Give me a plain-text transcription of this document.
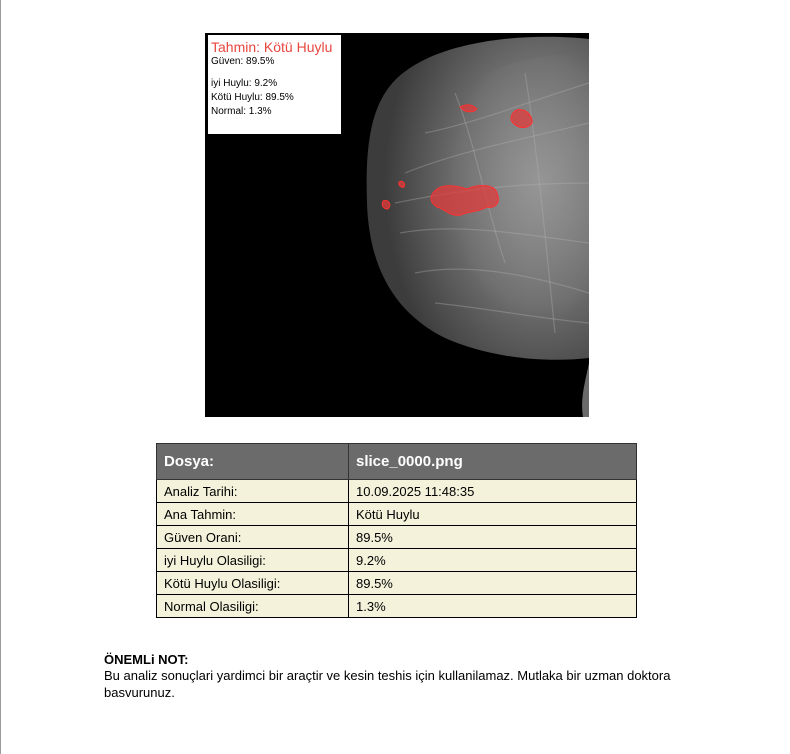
Tahmin: Kötü Huylu
Güven: 89.5%
iyi Huylu: 9.2%
Kötü Huylu: 89.5%
Normal: 1.3%
Dosya:	slice_0000.png
Analiz Tarihi:	10.09.2025 11:48:35
Ana Tahmin:	Kötü Huylu
Güven Orani:	89.5%
iyi Huylu Olasiligi:	9.2%
Kötü Huylu Olasiligi:	89.5%
Normal Olasiligi:	1.3%
ÖNEMLi NOT:
Bu analiz sonuçlari yardimci bir araçtir ve kesin teshis için kullanilamaz. Mutlaka bir uzman doktora basvurunuz.
